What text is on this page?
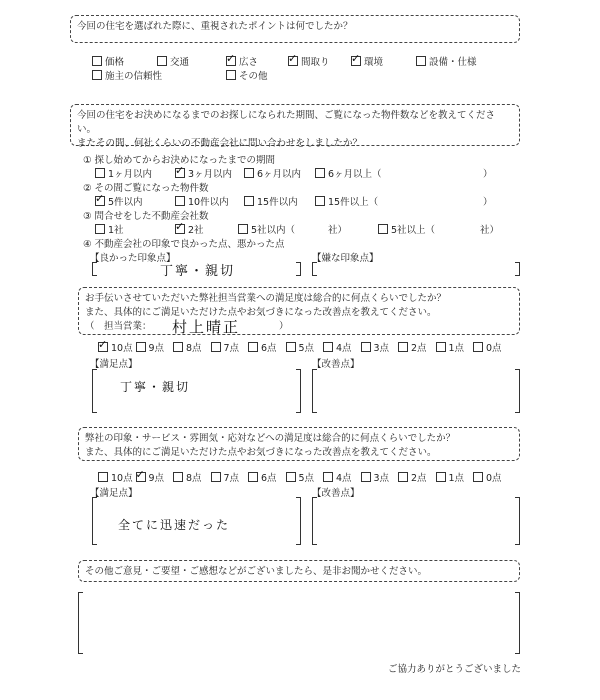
今回の住宅を選ばれた際に、重視されたポイントは何でしたか？
価格	交通 ✓	広さ ✓	間取り ✓	環境	設備・仕様
施主の信頼性	その他
今回の住宅をお決めになるまでのお探しになられた期間、ご覧になった物件数などを教えてください。
またその間、何社くらいの不動産会社に問い合わせをしましたか？
① 探し始めてからお決めになったまでの期間
1ヶ月以内 ✓	3ヶ月以内	6ヶ月以内	6ヶ月以上（	）
② その間ご覧になった物件数
✓5件以内	10件以内	15件以内	15件以上（	）
③ 問合せをした不動産会社数
1社 ✓	2社	5社以内（	社）	5社以上（	社）
④ 不動産会社の印象で良かった点、悪かった点
【良かった印象点】	【嫌な印象点】
丁寧・親切
お手伝いさせていただいた弊社担当営業への満足度は総合的に何点くらいでしたか？
また、具体的にご満足いただけた点やお気づきになった改善点を教えてください。
（　担当営業：	）
村上晴正
✓10点	9点	8点	7点	6点	5点	4点	3点	2点	1点	0点
【満足点】	【改善点】
丁寧・親切
弊社の印象・サービス・雰囲気・応対などへの満足度は総合的に何点くらいでしたか？
また、具体的にご満足いただけた点やお気づきになった改善点を教えてください。
10点 ✓	9点	8点	7点	6点	5点	4点	3点	2点	1点	0点
【満足点】	【改善点】
全てに迅速だった
その他ご意見・ご要望・ご感想などがございましたら、是非お聞かせください。
ご協力ありがとうございました
